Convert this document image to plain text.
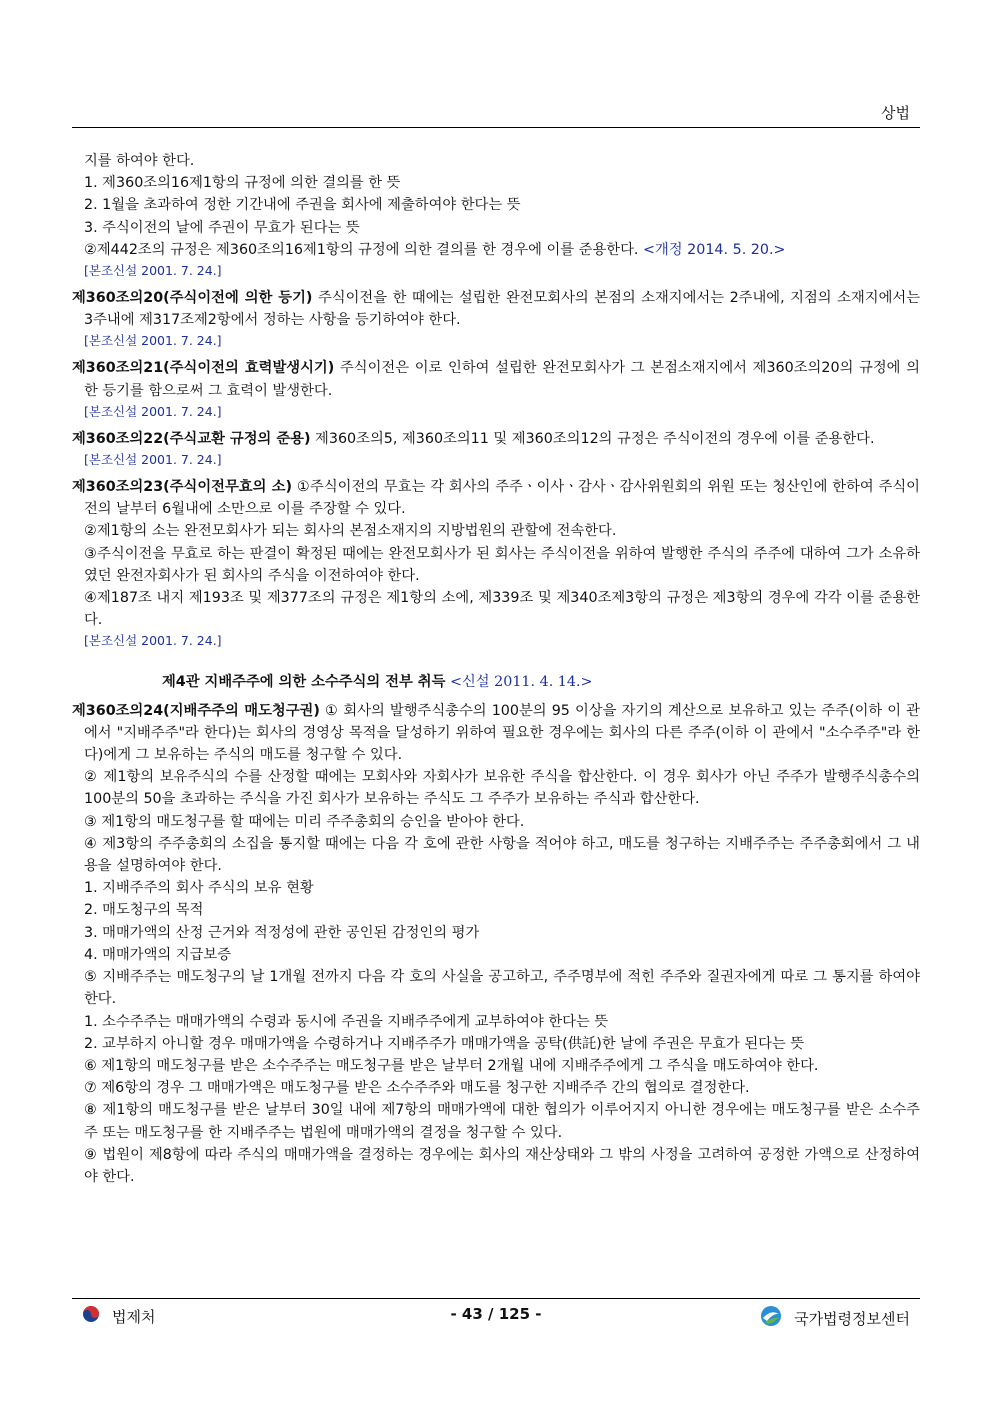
상법
지를 하여야 한다.
1. 제360조의16제1항의 규정에 의한 결의를 한 뜻
2. 1월을 초과하여 정한 기간내에 주권을 회사에 제출하여야 한다는 뜻
3. 주식이전의 날에 주권이 무효가 된다는 뜻
②제442조의 규정은 제360조의16제1항의 규정에 의한 결의를 한 경우에 이를 준용한다. <개정 2014. 5. 20.>
[본조신설 2001. 7. 24.]
제360조의20(주식이전에 의한 등기) 주식이전을 한 때에는 설립한 완전모회사의 본점의 소재지에서는 2주내에, 지점의 소재지에서는 3주내에 제317조제2항에서 정하는 사항을 등기하여야 한다.
[본조신설 2001. 7. 24.]
제360조의21(주식이전의 효력발생시기) 주식이전은 이로 인하여 설립한 완전모회사가 그 본점소재지에서 제360조의20의 규정에 의한 등기를 함으로써 그 효력이 발생한다.
[본조신설 2001. 7. 24.]
제360조의22(주식교환 규정의 준용) 제360조의5, 제360조의11 및 제360조의12의 규정은 주식이전의 경우에 이를 준용한다.
[본조신설 2001. 7. 24.]
제360조의23(주식이전무효의 소) ①주식이전의 무효는 각 회사의 주주ㆍ이사ㆍ감사ㆍ감사위원회의 위원 또는 청산인에 한하여 주식이전의 날부터 6월내에 소만으로 이를 주장할 수 있다.
②제1항의 소는 완전모회사가 되는 회사의 본점소재지의 지방법원의 관할에 전속한다.
③주식이전을 무효로 하는 판결이 확정된 때에는 완전모회사가 된 회사는 주식이전을 위하여 발행한 주식의 주주에 대하여 그가 소유하였던 완전자회사가 된 회사의 주식을 이전하여야 한다.
④제187조 내지 제193조 및 제377조의 규정은 제1항의 소에, 제339조 및 제340조제3항의 규정은 제3항의 경우에 각각 이를 준용한다.
[본조신설 2001. 7. 24.]
제4관 지배주주에 의한 소수주식의 전부 취득 <신설 2011. 4. 14.>
제360조의24(지배주주의 매도청구권) ① 회사의 발행주식총수의 100분의 95 이상을 자기의 계산으로 보유하고 있는 주주(이하 이 관에서 "지배주주"라 한다)는 회사의 경영상 목적을 달성하기 위하여 필요한 경우에는 회사의 다른 주주(이하 이 관에서 "소수주주"라 한다)에게 그 보유하는 주식의 매도를 청구할 수 있다.
② 제1항의 보유주식의 수를 산정할 때에는 모회사와 자회사가 보유한 주식을 합산한다. 이 경우 회사가 아닌 주주가 발행주식총수의 100분의 50을 초과하는 주식을 가진 회사가 보유하는 주식도 그 주주가 보유하는 주식과 합산한다.
③ 제1항의 매도청구를 할 때에는 미리 주주총회의 승인을 받아야 한다.
④ 제3항의 주주총회의 소집을 통지할 때에는 다음 각 호에 관한 사항을 적어야 하고, 매도를 청구하는 지배주주는 주주총회에서 그 내용을 설명하여야 한다.
1. 지배주주의 회사 주식의 보유 현황
2. 매도청구의 목적
3. 매매가액의 산정 근거와 적정성에 관한 공인된 감정인의 평가
4. 매매가액의 지급보증
⑤ 지배주주는 매도청구의 날 1개월 전까지 다음 각 호의 사실을 공고하고, 주주명부에 적힌 주주와 질권자에게 따로 그 통지를 하여야 한다.
1. 소수주주는 매매가액의 수령과 동시에 주권을 지배주주에게 교부하여야 한다는 뜻
2. 교부하지 아니할 경우 매매가액을 수령하거나 지배주주가 매매가액을 공탁(供託)한 날에 주권은 무효가 된다는 뜻
⑥ 제1항의 매도청구를 받은 소수주주는 매도청구를 받은 날부터 2개월 내에 지배주주에게 그 주식을 매도하여야 한다.
⑦ 제6항의 경우 그 매매가액은 매도청구를 받은 소수주주와 매도를 청구한 지배주주 간의 협의로 결정한다.
⑧ 제1항의 매도청구를 받은 날부터 30일 내에 제7항의 매매가액에 대한 협의가 이루어지지 아니한 경우에는 매도청구를 받은 소수주주 또는 매도청구를 한 지배주주는 법원에 매매가액의 결정을 청구할 수 있다.
⑨ 법원이 제8항에 따라 주식의 매매가액을 결정하는 경우에는 회사의 재산상태와 그 밖의 사정을 고려하여 공정한 가액으로 산정하여야 한다.
법제처	- 43 / 125 -	국가법령정보센터
